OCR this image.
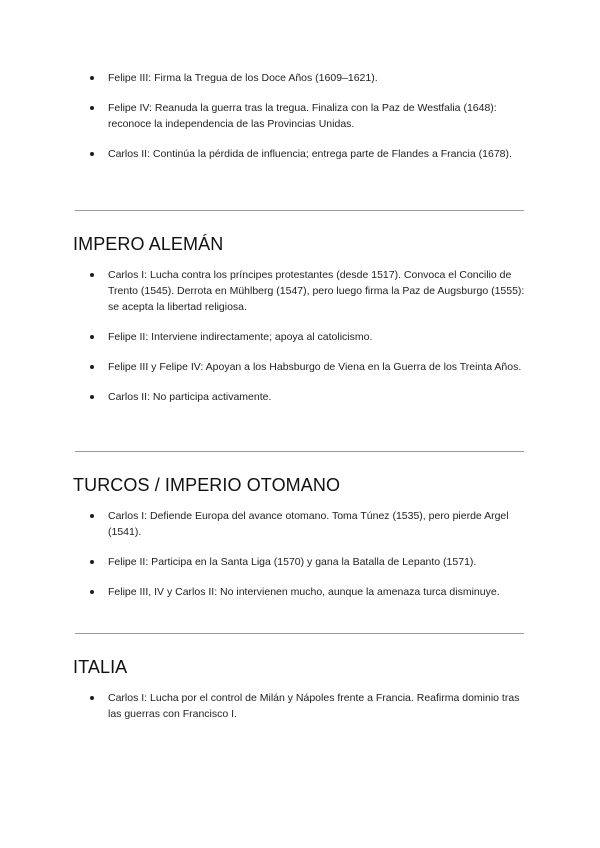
Felipe III: Firma la Tregua de los Doce Años (1609–1621).
Felipe IV: Reanuda la guerra tras la tregua. Finaliza con la Paz de Westfalia (1648): reconoce la independencia de las Provincias Unidas.
Carlos II: Continúa la pérdida de influencia; entrega parte de Flandes a Francia (1678).
IMPERO ALEMÁN
Carlos I: Lucha contra los príncipes protestantes (desde 1517). Convoca el Concilio de Trento (1545). Derrota en Mühlberg (1547), pero luego firma la Paz de Augsburgo (1555): se acepta la libertad religiosa.
Felipe II: Interviene indirectamente; apoya al catolicismo.
Felipe III y Felipe IV: Apoyan a los Habsburgo de Viena en la Guerra de los Treinta Años.
Carlos II: No participa activamente.
TURCOS / IMPERIO OTOMANO
Carlos I: Defiende Europa del avance otomano. Toma Túnez (1535), pero pierde Argel (1541).
Felipe II: Participa en la Santa Liga (1570) y gana la Batalla de Lepanto (1571).
Felipe III, IV y Carlos II: No intervienen mucho, aunque la amenaza turca disminuye.
ITALIA
Carlos I: Lucha por el control de Milán y Nápoles frente a Francia. Reafirma dominio tras las guerras con Francisco I.
